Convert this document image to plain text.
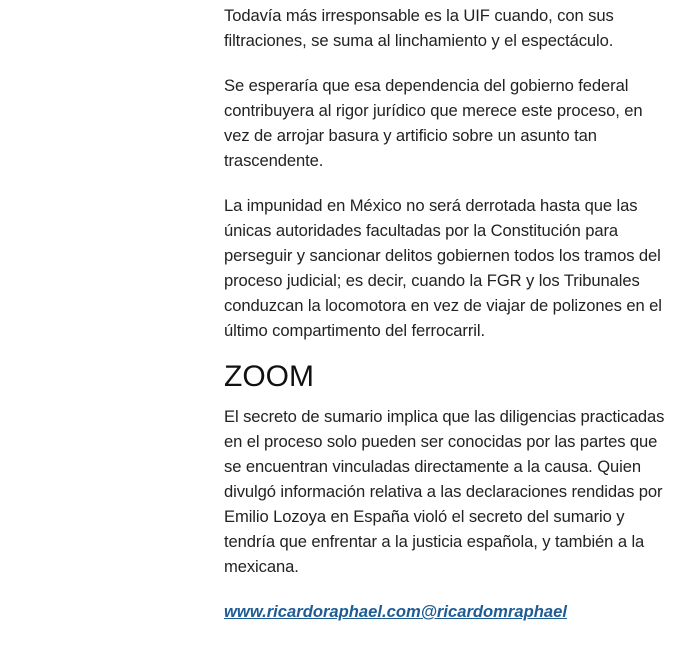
Todavía más irresponsable es la UIF cuando, con sus filtraciones, se suma al linchamiento y el espectáculo.

Se esperaría que esa dependencia del gobierno federal contribuyera al rigor jurídico que merece este proceso, en vez de arrojar basura y artificio sobre un asunto tan trascendente.

La impunidad en México no será derrotada hasta que las únicas autoridades facultadas por la Constitución para perseguir y sancionar delitos gobiernen todos los tramos del proceso judicial; es decir, cuando la FGR y los Tribunales conduzcan la locomotora en vez de viajar de polizones en el último compartimento del ferrocarril.

ZOOM

El secreto de sumario implica que las diligencias practicadas en el proceso solo pueden ser conocidas por las partes que se encuentran vinculadas directamente a la causa. Quien divulgó información relativa a las declaraciones rendidas por Emilio Lozoya en España violó el secreto del sumario y tendría que enfrentar a la justicia española, y también a la mexicana.

www.ricardoraphael.com@ricardomraphael
